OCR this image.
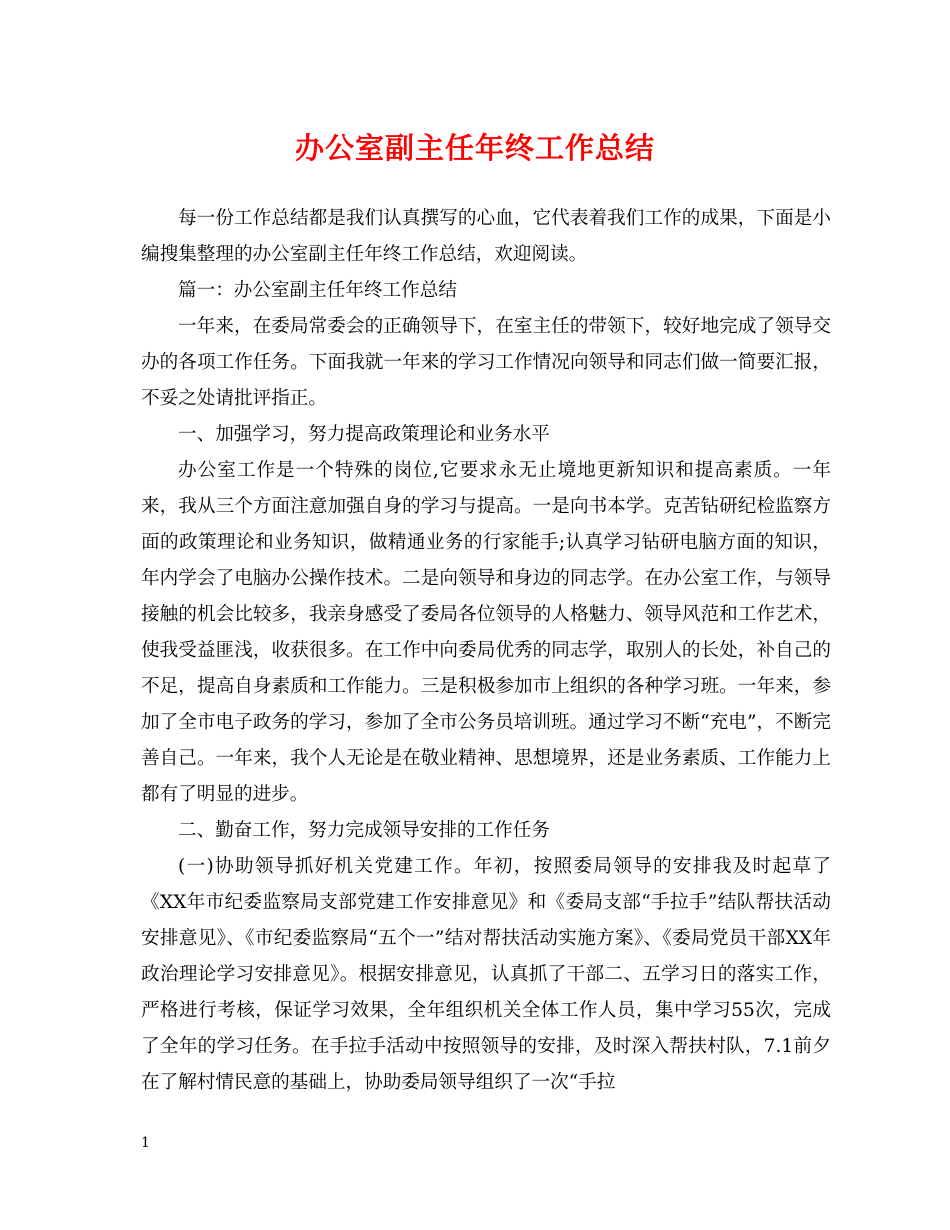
办公室副主任年终工作总结

每一份工作总结都是我们认真撰写的心血，它代表着我们工作的成果，下面是小编搜集整理的办公室副主任年终工作总结，欢迎阅读。

篇一：办公室副主任年终工作总结

一年来，在委局常委会的正确领导下，在室主任的带领下，较好地完成了领导交办的各项工作任务。下面我就一年来的学习工作情况向领导和同志们做一简要汇报，不妥之处请批评指正。

一、加强学习，努力提高政策理论和业务水平

办公室工作是一个特殊的岗位,它要求永无止境地更新知识和提高素质。一年来，我从三个方面注意加强自身的学习与提高。一是向书本学。克苦钻研纪检监察方面的政策理论和业务知识，做精通业务的行家能手;认真学习钻研电脑方面的知识，年内学会了电脑办公操作技术。二是向领导和身边的同志学。在办公室工作，与领导接触的机会比较多，我亲身感受了委局各位领导的人格魅力、领导风范和工作艺术，使我受益匪浅，收获很多。在工作中向委局优秀的同志学，取别人的长处，补自己的不足，提高自身素质和工作能力。三是积极参加市上组织的各种学习班。一年来，参加了全市电子政务的学习，参加了全市公务员培训班。通过学习不断“充电”，不断完善自己。一年来，我个人无论是在敬业精神、思想境界，还是业务素质、工作能力上都有了明显的进步。

二、勤奋工作，努力完成领导安排的工作任务

(一)协助领导抓好机关党建工作。年初，按照委局领导的安排我及时起草了《XX年市纪委监察局支部党建工作安排意见》和《委局支部“手拉手”结队帮扶活动安排意见》、《市纪委监察局“五个一”结对帮扶活动实施方案》、《委局党员干部XX年政治理论学习安排意见》。根据安排意见，认真抓了干部二、五学习日的落实工作，严格进行考核，保证学习效果，全年组织机关全体工作人员，集中学习55次，完成了全年的学习任务。在手拉手活动中按照领导的安排，及时深入帮扶村队，7.1前夕在了解村情民意的基础上，协助委局领导组织了一次“手拉

1
